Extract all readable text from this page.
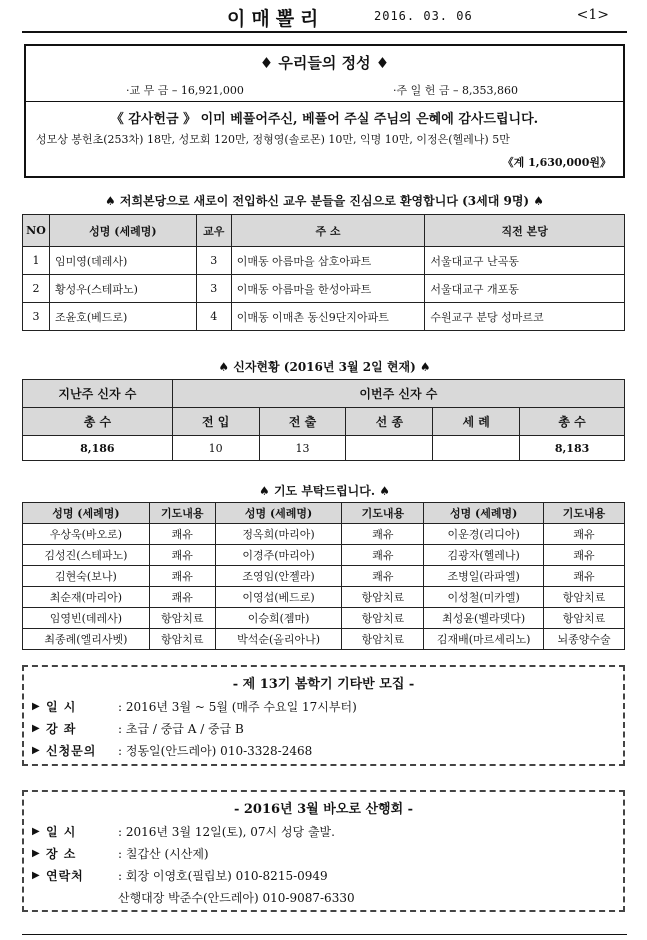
이매뽈리	2016. 03. 06	<1>
♦ 우리들의 정성 ♦
·교 무 금 – 16,921,000	·주 일 헌 금 – 8,353,860
《 감사헌금 》 이미 베풀어주신, 베풀어 주실 주님의 은혜에 감사드립니다.
성모상 봉헌초(253차) 18만, 성모회 120만, 정형영(솔로몬) 10만, 익명 10만, 이정은(헬레나) 5만
《계 1,630,000원》
♠ 저희본당으로 새로이 전입하신 교우 분들을 진심으로 환영합니다 (3세대 9명) ♠
NO	성명 (세례명)	교우	주 소	직전 본당
1	임미영(데레사)	3	이매동 아름마을 삼호아파트	서울대교구 난곡동
2	황성우(스테파노)	3	이매동 아름마을 한성아파트	서울대교구 개포동
3	조윤호(베드로)	4	이매동 이매촌 동신9단지아파트	수원교구 분당 성마르코
♠ 신자현황 (2016년 3월 2일 현재) ♠
지난주 신자 수	이번주 신자 수				
총 수	전 입	전 출	선 종	세 례	총 수
8,186	10	13			8,183
♠ 기도 부탁드립니다. ♠
성명 (세례명)	기도내용	성명 (세례명)	기도내용	성명 (세례명)	기도내용
우상욱(바오로)	쾌유	정옥희(마리아)	쾌유	이운경(리디아)	쾌유
김성진(스테파노)	쾌유	이경주(마리아)	쾌유	김광자(헬레나)	쾌유
김현숙(보나)	쾌유	조영임(안젤라)	쾌유	조병일(라파엘)	쾌유
최순재(마리아)	쾌유	이영섭(베드로)	항암치료	이성철(미카엘)	항암치료
임영빈(데레사)	항암치료	이승희(젬마)	항암치료	최성윤(벨라뎃다)	항암치료
최종례(엘리사벳)	항암치료	박석순(올리아나)	항암치료	김재배(마르세리노)	뇌종양수술
- 제 13기 봄학기 기타반 모집 -
▶ 일 시	: 2016년 3월 ~ 5월 (매주 수요일 17시부터)
▶ 강 좌	: 초급 / 중급 A / 중급 B
▶ 신청문의 : 정동일(안드레아) 010-3328-2468
- 2016년 3월 바오로 산행회 -
▶ 일 시	: 2016년 3월 12일(토), 07시 성당 출발.
▶ 장 소	: 칠갑산 (시산제)
▶ 연락처	: 회장 이영호(필립보) 010-8215-0949
산행대장 박준수(안드레아) 010-9087-6330
